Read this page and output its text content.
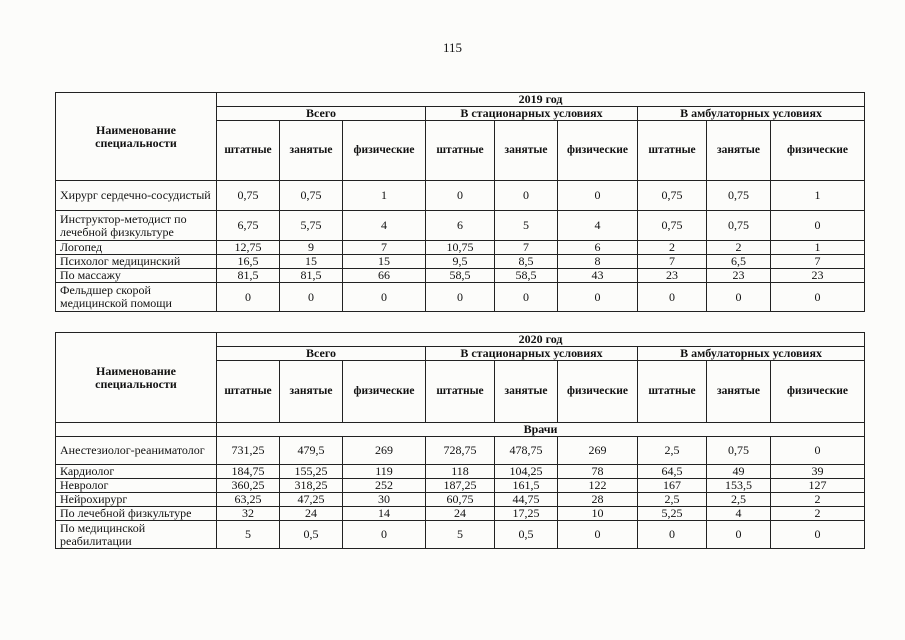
115
Наименование специальности	2019 год								
	Всего			В стационарных условиях			В амбулаторных условиях		
	штатные	занятые	физические	штатные	занятые	физические	штатные	занятые	физические
Хирург сердечно-сосудистый	0,75	0,75	1	0	0	0	0,75	0,75	1
Инструктор-методист по лечебной физкультуре	6,75	5,75	4	6	5	4	0,75	0,75	0
Логопед	12,75	9	7	10,75	7	6	2	2	1
Психолог медицинский	16,5	15	15	9,5	8,5	8	7	6,5	7
По массажу	81,5	81,5	66	58,5	58,5	43	23	23	23
Фельдшер скорой медицинской помощи	0	0	0	0	0	0	0	0	0
Наименование специальности	2020 год								
	Всего			В стационарных условиях			В амбулаторных условиях		
	штатные	занятые	физические	штатные	занятые	физические	штатные	занятые	физические
	Врачи								
Анестезиолог-реаниматолог	731,25	479,5	269	728,75	478,75	269	2,5	0,75	0
Кардиолог	184,75	155,25	119	118	104,25	78	64,5	49	39
Невролог	360,25	318,25	252	187,25	161,5	122	167	153,5	127
Нейрохирург	63,25	47,25	30	60,75	44,75	28	2,5	2,5	2
По лечебной физкультуре	32	24	14	24	17,25	10	5,25	4	2
По медицинской реабилитации	5	0,5	0	5	0,5	0	0	0	0
